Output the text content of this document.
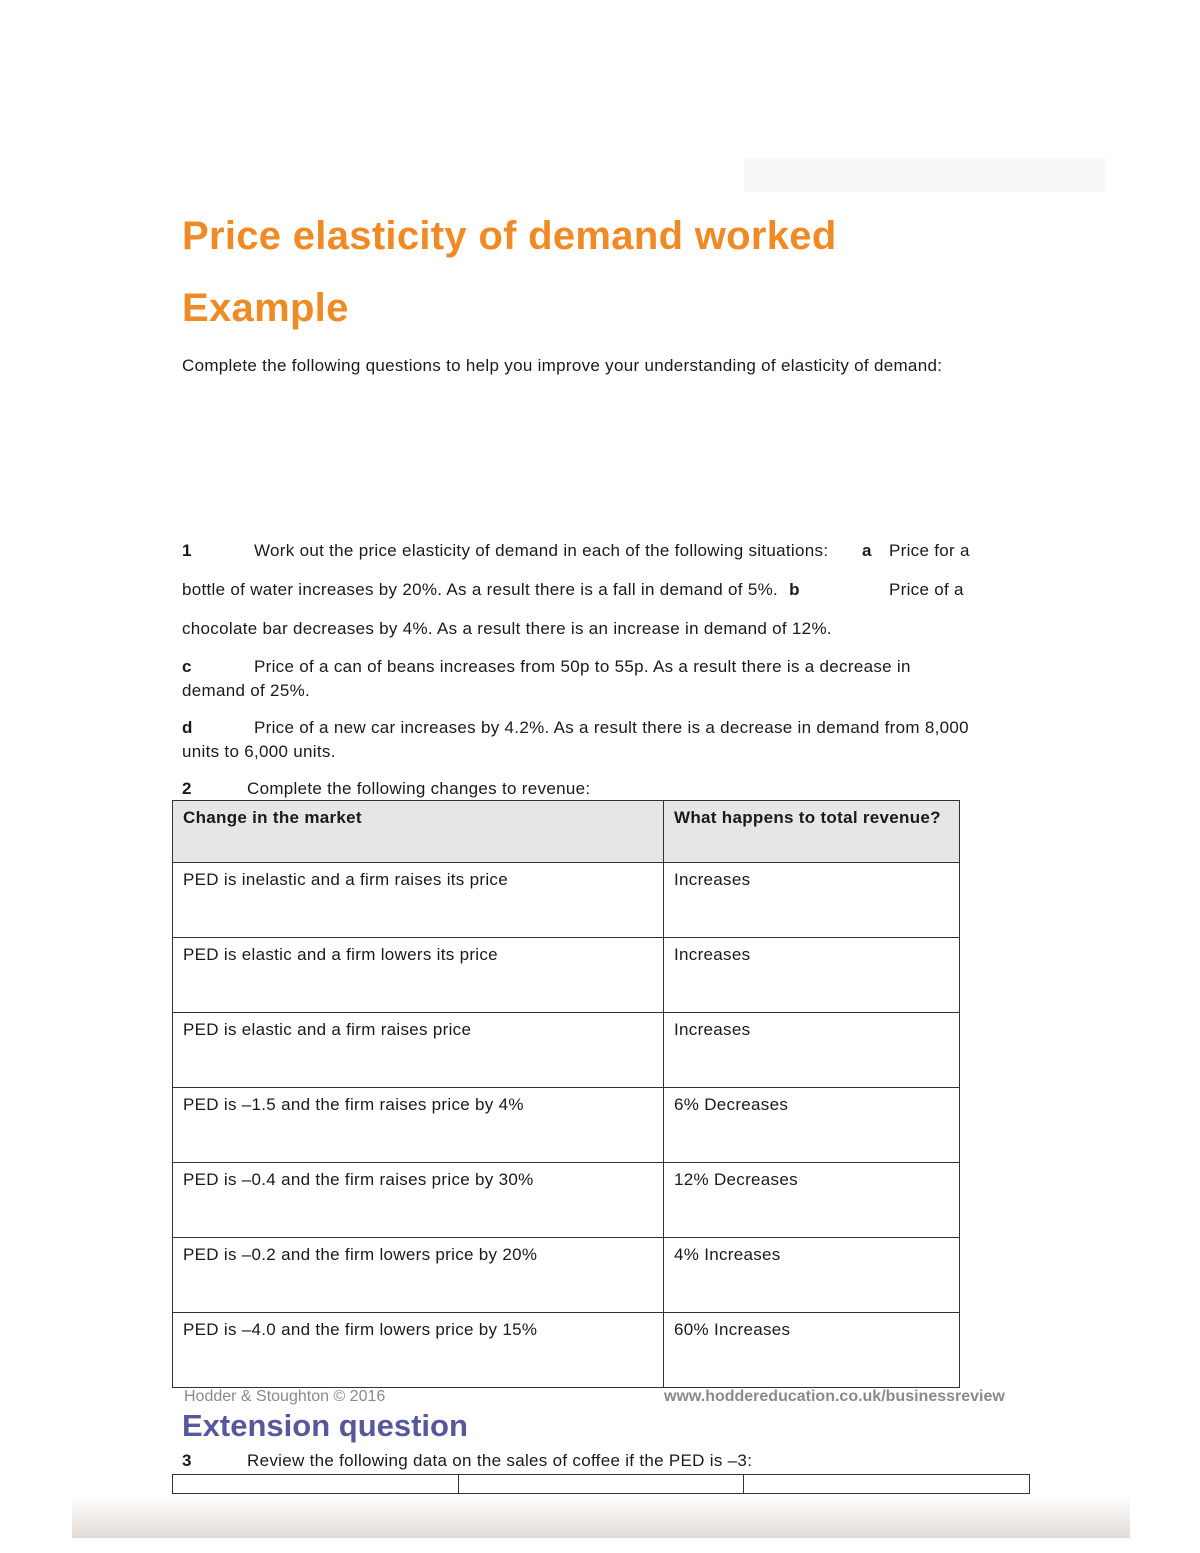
Price elasticity of demand worked
Example
Complete the following questions to help you improve your understanding of elasticity of demand:
1	Work out the price elasticity of demand in each of the following situations: a Price for a
bottle of water increases by 20%. As a result there is a fall in demand of 5%. b	Price of a
chocolate bar decreases by 4%. As a result there is an increase in demand of 12%.
c	Price of a can of beans increases from 50p to 55p. As a result there is a decrease in
demand of 25%.
d	Price of a new car increases by 4.2%. As a result there is a decrease in demand from 8,000
units to 6,000 units.
2	Complete the following changes to revenue:
Change in the market	What happens to total revenue?
PED is inelastic and a firm raises its price	Increases
PED is elastic and a firm lowers its price	Increases
PED is elastic and a firm raises price	Increases
PED is –1.5 and the firm raises price by 4%	6% Decreases
PED is –0.4 and the firm raises price by 30%	12% Decreases
PED is –0.2 and the firm lowers price by 20%	4% Increases
PED is –4.0 and the firm lowers price by 15%	60% Increases
Hodder & Stoughton © 2016	www.hoddereducation.co.uk/businessreview
Extension question
3	Review the following data on the sales of coffee if the PED is –3:
